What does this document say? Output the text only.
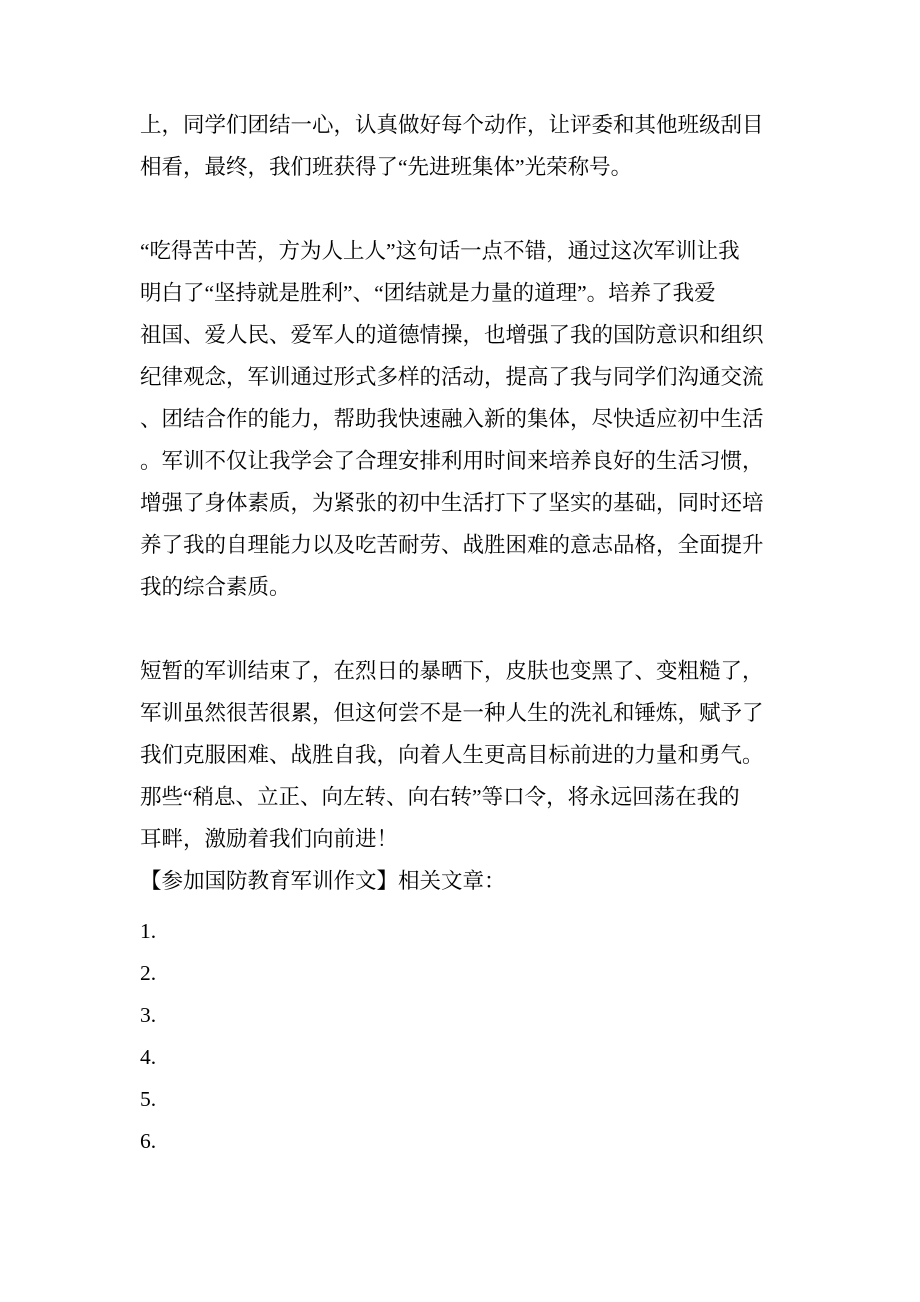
上，同学们团结一心，认真做好每个动作，让评委和其他班级刮目
相看，最终，我们班获得了“先进班集体”光荣称号。
“吃得苦中苦，方为人上人”这句话一点不错，通过这次军训让我
明白了“坚持就是胜利”、“团结就是力量的道理”。培养了我爱
祖国、爱人民、爱军人的道德情操，也增强了我的国防意识和组织
纪律观念，军训通过形式多样的活动，提高了我与同学们沟通交流
、团结合作的能力，帮助我快速融入新的集体，尽快适应初中生活
。军训不仅让我学会了合理安排利用时间来培养良好的生活习惯，
增强了身体素质，为紧张的初中生活打下了坚实的基础，同时还培
养了我的自理能力以及吃苦耐劳、战胜困难的意志品格，全面提升
我的综合素质。
短暂的军训结束了，在烈日的暴晒下，皮肤也变黑了、变粗糙了，
军训虽然很苦很累，但这何尝不是一种人生的洗礼和锤炼，赋予了
我们克服困难、战胜自我，向着人生更高目标前进的力量和勇气。
那些“稍息、立正、向左转、向右转”等口令，将永远回荡在我的
耳畔，激励着我们向前进！
【参加国防教育军训作文】相关文章：
1.
2.
3.
4.
5.
6.
